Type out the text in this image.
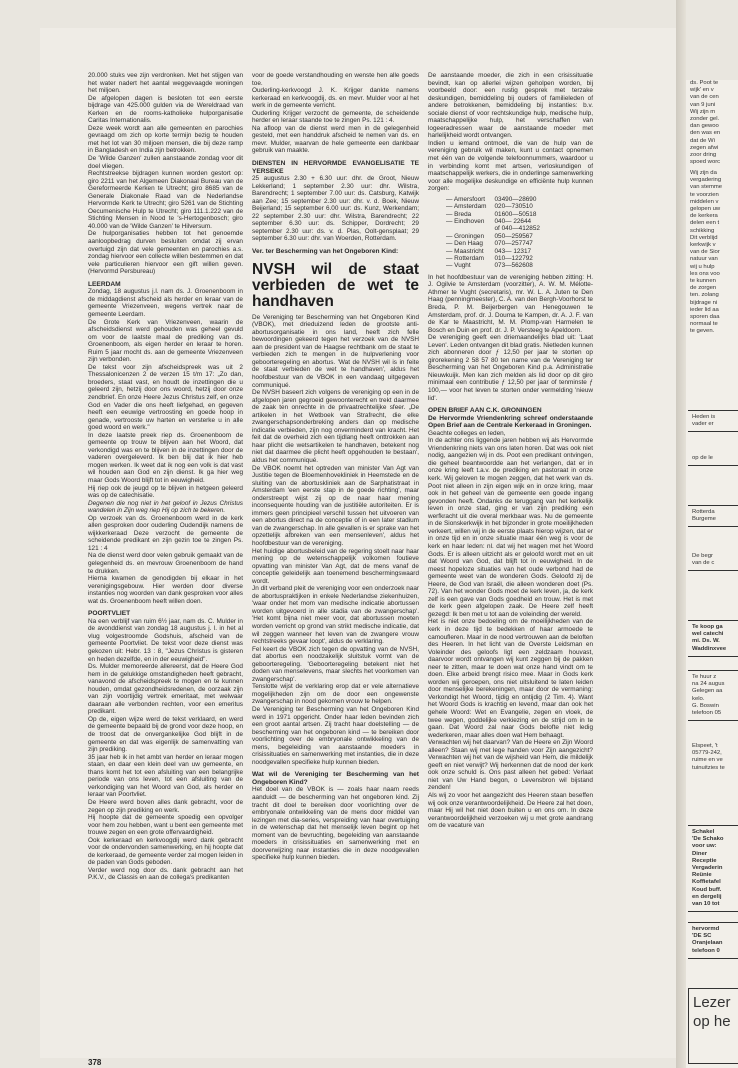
20.000 stuks vee zijn verdronken. Met het stijgen van het water nadert het aantal weggevaagde woningen het miljoen.

De afgelopen dagen is besloten tot een eerste bijdrage van 425.000 gulden via de Wereldraad van Kerken en de rooms-katholieke hulporganisatie Caritas Internationalis.

Deze week wordt aan alle gemeenten en parochies gevraagd om zich op korte termijn bezig te houden met het lot van 30 miljoen mensen, die bij deze ramp in Bangladesh en India zijn betrokken.

De 'Wilde Ganzen' zullen aanstaande zondag voor dit doel vliegen.

Rechtstreekse bijdragen kunnen worden gestort op: giro 2211 van het Algemeen Diakonaal Bureau van de Gereformeerde Kerken te Utrecht; giro 8685 van de Generale Diakonale Raad van de Nederlandse Hervormde Kerk te Utrecht; giro 5261 van de Stichting Oecumenische Hulp te Utrecht; giro 111.1.222 van de Stichting Mensen in Nood te 's-Hertogenbosch; giro 40.000 van de 'Wilde Ganzen' te Hilversum.

De hulporganisaties hebben tot het genoemde aanloopbedrag durven besluiten omdat zij ervan overtuigd zijn dat vele gemeenten en parochies a.s. zondag hiervoor een collecte willen bestemmen en dat vele particulieren hiervoor een gift willen geven. (Hervormd Persbureau)

LEERDAM

Zondag, 18 augustus j.l. nam ds. J. Groenenboom in de middagdienst afscheid als herder en leraar van de gemeente Vriezenveen, wegens vertrek naar de gemeente Leerdam.

De Grote Kerk van Vriezenveen, waarin de afscheidsdienst werd gehouden was geheel gevuld om voor de laatste maal de prediking van ds. Groenenboom, als eigen herder en leraar te horen. Ruim 5 jaar mocht ds. aan de gemeente Vriezenveen zijn verbonden.

De tekst voor zijn afscheidspreek was uit 2 Thessalonicenzen 2 de verzen 15 t/m 17: „Zo dan, broeders, staat vast, en houdt de inzettingen die u geleerd zijn, hetzij door ons woord, hetzij door onze zendbrief. En onze Heere Jezus Christus zelf, en onze God en Vader die ons heeft liefgehad, en gegeven heeft een eeuwige vertroosting en goede hoop in genade, vertrooste uw harten en versterke u in alle goed woord en werk."

In deze laatste preek riep ds. Groenenboom de gemeente op trouw te blijven aan het Woord, dat verkondigd was en te blijven in de inzettingen door de vaderen overgeleverd. Ik ben blij dat ik hier heb mogen werken. Ik weet dat ik nog een volk is dat vast wil houden aan God en zijn dienst. Ik ga hier weg maar Gods Woord blijft tot in eeuwigheid.

Hij riep ook de jeugd op te blijven in hetgeen geleerd was op de catechisatie.

Degenen die nog niet in het geloof in Jezus Christus wandelen in Zijn weg riep Hij op zich te bekeren.

Op verzoek van ds. Groenenboom werd in de kerk allen gesproken door ouderling Oudendijk namens de wijkkerkeraad Deze verzocht de gemeente de scheidende predikant en zijn gezin toe te zingen Ps. 121 : 4

Na de dienst werd door velen gebruik gemaakt van de gelegenheid ds. en mevrouw Groenenboom de hand te drukken.

Hierna kwamen de genodigden bij elkaar in het verenigingsgebouw. Hier werden door diverse instanties nog woorden van dank gesproken voor alles wat ds. Groenenboom heeft willen doen.

POORTVLIET

Na een verblijf van ruim 6½ jaar, nam ds. C. Mulder in de avonddienst van zondag 18 augustus j. l. in het al vlug volgestroomde Godshuis, afscheid van de gemeente Poortvliet. De tekst voor deze dienst was gekozen uit: Hebr. 13 : 8, "Jezus Christus is gisteren en heden dezelfde, en in der eeuwigheid".

Ds. Mulder memoreerde allereerst, dat de Heere God hem in de gelukkige omstandigheden heeft gebracht, vanavond de afscheidspreek te mogen en te kunnen houden, omdat gezondheidsredenen, de oorzaak zijn van zijn voortijdig vertrek emeritaat, met welwaar daaraan alle verbonden rechten, voor een emeritus predikant.

Op de, eigen wijze werd de tekst verklaard, en werd de gemeente bepaald bij de grond voor deze hoop, en de troost dat de onvergankelijke God blijft in de gemeente en dat was eigenlijk de samenvatting van zijn prediking.

35 jaar heb ik in het ambt van herder en leraar mogen staan, en daar een klein deel van uw gemeente, en thans komt het tot een afsluiting van een belangrijke periode van ons leven, tot een afsluiting van de verkondiging van het Woord van God, als herder en leraar van Poortvliet.

De Heere werd boven alles dank gebracht, voor de zegen op zijn prediking en werk.

Hij hoopte dat de gemeente spoedig een opvolger voor hem zou hebben, want u bent een gemeente met trouwe zegen en een grote offervaardigheid.

Ook kerkeraad en kerkvoogdij werd dank gebracht voor de ondervonden samenwerking, en hij hoopte dat de kerkeraad, de gemeente verder zal mogen leiden in de paden van Gods geboden.

Verder werd nog door ds. dank gebracht aan het P.K.V., de Classis en aan de collega's predikanten

voor de goede verstandhouding en wenste hen alle goeds toe.

Ouderling-kerkvoogd J. K. Krijger dankte namens kerkeraad en kerkvoogdij, ds. en mevr. Mulder voor al het werk in de gemeente verricht.

Ouderling Krijger verzocht de gemeente, de scheidende herder en leraar staande toe te zingen Ps. 121 : 4.

Na afloop van de dienst werd men in de gelegenheid gesteld, met een handdruk afscheid te nemen van ds. en mevr. Mulder, waarvan de hele gemeente een dankbaar gebruik van maakte.

DIENSTEN IN HERVORMDE EVANGELISATIE TE YERSEKE

25 augustus 2.30 + 6.30 uur: dhr. de Groot, Nieuw Lekkerland; 1 september 2.30 uur: dhr. Wilstra, Barendrecht; 1 september 7.00 uur: ds. Catsburg, Katwijk aan Zee; 15 september 2.30 uur: dhr. v. d. Boek, Nieuw Beijerland; 15 september 6.00 uur: ds. Kunz, Werkendam; 22 september 2.30 uur: dhr. Wilstra, Barendrecht; 22 september 6.30 uur: ds. Schipper, Dordrecht; 29 september 2.30 uur: ds. v. d. Plas, Oolt-gensplaat; 29 september 6.30 uur: dhr. van Woerden, Rotterdam.

Ver. ter Bescherming van het Ongeboren Kind:

NVSH wil de staat verbieden de wet te handhaven

De Vereniging ter Bescherming van het Ongeboren Kind (VBOK), met drieduizend leden de grootste anti-abortusorganisatie in ons land, heeft zich felle bewoordingen gekeerd tegen het verzoek van de NVSH aan de president van de Haagse rechtbank om de staat te verbieden zich te mengen in de hulpverlening voor geboorteregeling en abortus. 'Wat de NVSH wil is in feite de staat verbieden de wet te handhaven', aldus het hoofdbestuur van de VBOK in een vandaag uitgegeven communiqué.

De NVSH baseert zich volgens de vereniging op een in de afgelopen jaren gegroeid gewoonterecht en trekt daarmee de zaak ten onrechte in de privaatrechtelijke sfeer. „De artikelen in het Wetboek van Strafrecht, die elke zwangerschapsonderbreking anders dan op medische indicatie verbieden, zijn nog onverminderd van kracht. Het feit dat de overheid zich een tijdlang heeft onttrokken aan haar plicht die wetsartikelen te handhaven, betekent nog niet dat daarmee die plicht heeft opgehouden te bestaan', aldus het communiqué.

De VBOK noemt het optreden van minister Van Agt van Justitie tegen de Bloemenhovekliniek in Heemstede en de sluiting van de abortuskliniek aan de Sarphatistraat in Amsterdam 'een eerste stap in de goede richting', maar onderstreept wijst zij op de naar haar mening inconsequente houding van de justitiële autoriteiten. Er is immers geen principieel verschil tussen het uitvoeren van een abortus direct na de conceptie of in een later stadium van de zwangerschap. In alle gevallen is er sprake van het opzettelijk afbreken van een mensenleven', aldus het hoofdbestuur van de vereniging.

Het huidige abortusbeleid van de regering stoelt naar haar mening op de wetenschappelijk volkomen foutieve opvatting van minister Van Agt, dat de mens vanaf de conceptie geleidelijk aan toenemend beschermingswaard wordt.

Jn dit verband pleit de vereniging voor een onderzoek naar de abortuspraktijken in enkele Nederlandse ziekenhuizen, 'waar onder het mom van medische indicatie abortussen worden uitgevoerd in alle stadia van de zwangerschap'. 'Het komt bijna niet meer voor, dat abortussen moeten worden verricht op grond van strikt medische indicatie, dat wil zeggen wanneer het leven van de zwangere vrouw rechtstreeks gevaar loopt', aldus de verklaring.

Fel keert de VBOK zich tegen de opvatting van de NVSH, dat abortus een noodzakelijk sluitstuk vormt van de geboorteregeling. 'Geboorteregeling betekent niet het doden van menselevens, maar slechts het voorkomen van zwangerschap'.

Tenslotte wijst de verklaring erop dat er vele alternatieve mogelijkheden zijn om de door een ongewenste zwangerschap in nood gekomen vrouw te helpen.

De Vereniging ter Bescherming van het Ongeboren Kind werd in 1971 opgericht. Onder haar leden bevinden zich een groot aantal artsen. Zij tracht haar doelstelling — de bescherming van het ongeboren kind — te bereiken door voorlichting over de embryonale ontwikkeling van de mens, begeleiding van aanstaande moeders in crisissituaties en samenwerking met instanties, die in deze noodgevallen specifieke hulp kunnen bieden.

Wat wil de Vereniging ter Bescherming van het Ongeboren Kind?

Het doel van de VBOK is — zoals haar naam reeds aanduidt — de bescherming van het ongeboren kind. Zij tracht dit doel te bereiken door voorlichting over de embryonale ontwikkeling van de mens door middel van lezingen met dia-series, verspreiding van haar overtuiging in de wetenschap dat het menselijk leven begint op het moment van de bevruchting, begeleiding van aanstaande moeders in crisissituaties en samenwerking met en doorverwijzing naar instanties die in deze noodgevallen specifieke hulp kunnen bieden.

De aanstaande moeder, die zich in een crisissituatie bevindt, kan op allerlei wijzen geholpen worden, bij voorbeeld door: een rustig gesprek met terzake deskundigen, bemiddeling bij ouders of familieleden of andere betrokkenen, bemiddeling bij instanties: b.v. sociale dienst of voor rechtskundige hulp, medische hulp, maatschappelijke hulp, het verschaffen van logeeradressen waar de aanstaande moeder met harlelijkheid wordt ontvangen.

Indien u iemand ontmoet, die van de hulp van de vereniging gebruik wil maken, kunt u contact opnemen met één van de volgende telefoonnummers, waardoor u in verbinding komt met artsen, verloskundigen of maatschappelijk werkers, die in onderlinge samenwerking voor alle mogelijke deskundige en efficiënte hulp kunnen zorgen:

— Amersfoort	03490—28690
— Amsterdam	020—730510
— Breda	01600—50518
— Eindhoven	040— 22644
	of 040—412852
— Groningen	050—259567
— Den Haag	070—257747
— Maastricht	043— 12317
— Rotterdam	010—122792
— Vught	073—562608

In het hoofdbestuur van de vereniging hebben zitting: H. J. Ogilvie te Amsterdam (voorzitter), A. W. M. Mélotte-Athmer te Vught (secretaris), mr. W. L. A. Juten te Den Haag (penningmeester), C. A. van den Bergh-Voorhorst te Breda, P. M. Beijerbergen van Henegouwen te Amsterdam, prof. dr. J. Douma te Kampen, dr. A. J. F. van de Kar te Maastricht, M. M. Plomp-van Harmelen te Bosch en Duin en prof. dr. J. P. Versteeg te Apeldoorn.

De vereniging geeft een driemaandelijks blad uit: 'Laat Leven'. Leden ontvangen dit blad gratis. Nietleden kunnen zich abonneren door ƒ 12,50 per jaar te storten op girorekening 2 58 57 80 ten name van de Vereniging ter Bescherming van het Ongeboren Kind p.a. Administratie Nieuwkuijk. Men kan zich melden als lid door op dit giro minimaal een contributie ƒ 12,50 per jaar of tenminste ƒ 100,— voor het leven te storten onder vermelding 'nieuw lid'.

OPEN BRIEF AAN C.K. GRONINGEN

De Hervormde Vriendenkring schreef onderstaande Open Brief aan de Centrale Kerkeraad in Groningen.

Geachte colleges en leden,

In de achter ons liggende jaren hebben wij als Hervormde Vriendenkring niets van ons laten horen. Dat was ook niet nodig, aangezien wij in ds. Poot een predikant ontvingen, die geheel beantwoordde aan het verlangen, dat er in onze kring leeft t.a.v. de prediking en pastoraat in onze kerk. Wij geloven te mogen zeggen, dat het werk van ds. Poot niet alleen in zijn eigen wijk en in onze kring, maar ook in het geheel van de gemeente een goede ingang gevonden heeft. Ondanks de teruggang van het kerkelijk leven in onze stad, ging er van zijn prediking een werfkracht uit die overal merkbaar was. Nu de gemeente in de Sionskerkwijk in het bijzonder in grote moeilijkheden verkeert, willen wij in de eerste plaats hierop wijzen, dat er in onze tijd en in onze situatie maar één weg is voor de kerk en haar leden: nl. dat wij het wagen met het Woord Gods. Er is alleen uitzicht als er geloofd wordt met en uit dat Woord van God, dat blijft tot in eeuwigheid. In de meest hopeloze situaties van het oude verbond had de gemeente weet van de wonderen Gods. Geloofd zij de Heere, de God van Israël, die alleen wonderen doet (Ps. 72). Van het wonder Gods moet de kerk leven, ja, de kerk zelf is een gave van Gods goedheid en trouw. Het is met de kerk geen afgelopen zaak. De Heere zelf heeft gezegd: Ik ben met u tot aan de voleinding der wereld.

Het is niet onze bedoeling om de moeilijkheden van de kerk in deze tijd te bedekken of haar armoede te camoufleren. Maar in de nood vertrouwen aan de beloften des Heeren. In het licht van de Overste Leidsman en Voleinder des geloofs ligt een zeldzaam houvast, daarvoor wordt ontvangen wij kunt zeggen bij de pakken neer te zitten, maar te doen wat onze hand vindt om te doen. Elke arbeid brengt risico mee. Maar in Gods kerk worden wij geroepen, ons niet uitsluitend te laten leiden door menselijke berekeningen, maar door de vermaning: Verkondigt het Woord, tijdig en ontijdig (2 Tim. 4). Want het Woord Gods is krachtig en levend, maar dan ook het gehele Woord: Wet en Evangelie, zegen en vloek, de twee wegen, goddelijke verkiezing en de strijd om in te gaan. Dat Woord zal naar Gods belofte niet ledig wederkeren, maar alles doen wat Hem behaagt.

Verwachten wij het daarvan? Van de Heere en Zijn Woord alleen? Staan wij met lege handen voor Zijn aangezicht? Verwachten wij het van de wijsheid van Hem, die mildelijk geeft en niet verwijt? Wij herkennen dat de nood der kerk ook onze schuld is. Ons past alleen het gebed: Verlaat niet van Uw Hand begon, o Levensbron wil bijstand zenden!

Als wij zo voor het aangezicht des Heeren staan beseffen wij ook onze verantwoordelijkheid. De Heere zal het doen, maar Hij wil het niet doen buiten u en ons om. In deze verantwoordelijkheid verzoeken wij u met grote aandrang om de vacature van

378
ds. Poot te
wijk' en v
van de cen
van 9 juni
Wij zijn m
zonder gel.
dan gewoo
den was en
dat de Wi
zegen afwi
zoor dring
spoed worc
Wij zijn da
vergadering
van stemme
te voorzien
middelen v
gelopen uw
de kerkera
delen een t
schikking
Dit verblijd
kerkwijk v
van de Sior
natuur van
wij u hulp
les ons voo
te kunnen
de zorgen
ten. zolang
bijdrage ni
ieder lid aa
sporen daa
normaal te
te geven.
Heden is
vader er
op de le
Rotterda
Burgeme
De begr
van de c
Te koop ga
wel catechi
mi. Ds. W.
Waddinxvee
Te huur z
na 24 augus
Gelegen aa
kelo.
G. Boswin
telefoon 05
Elspeet, 't
05779-242,
ruime en ve
tuinuitzies te
Schakel
'De Schako
voor uw:
Diner
Receptie
Vergaderin
Reünie
Koffietafel
Koud buff.
en dergelij
van 10 tot
hervormd
'DE SC
Oranjelaan
telefoon 0
Lezer
op he
